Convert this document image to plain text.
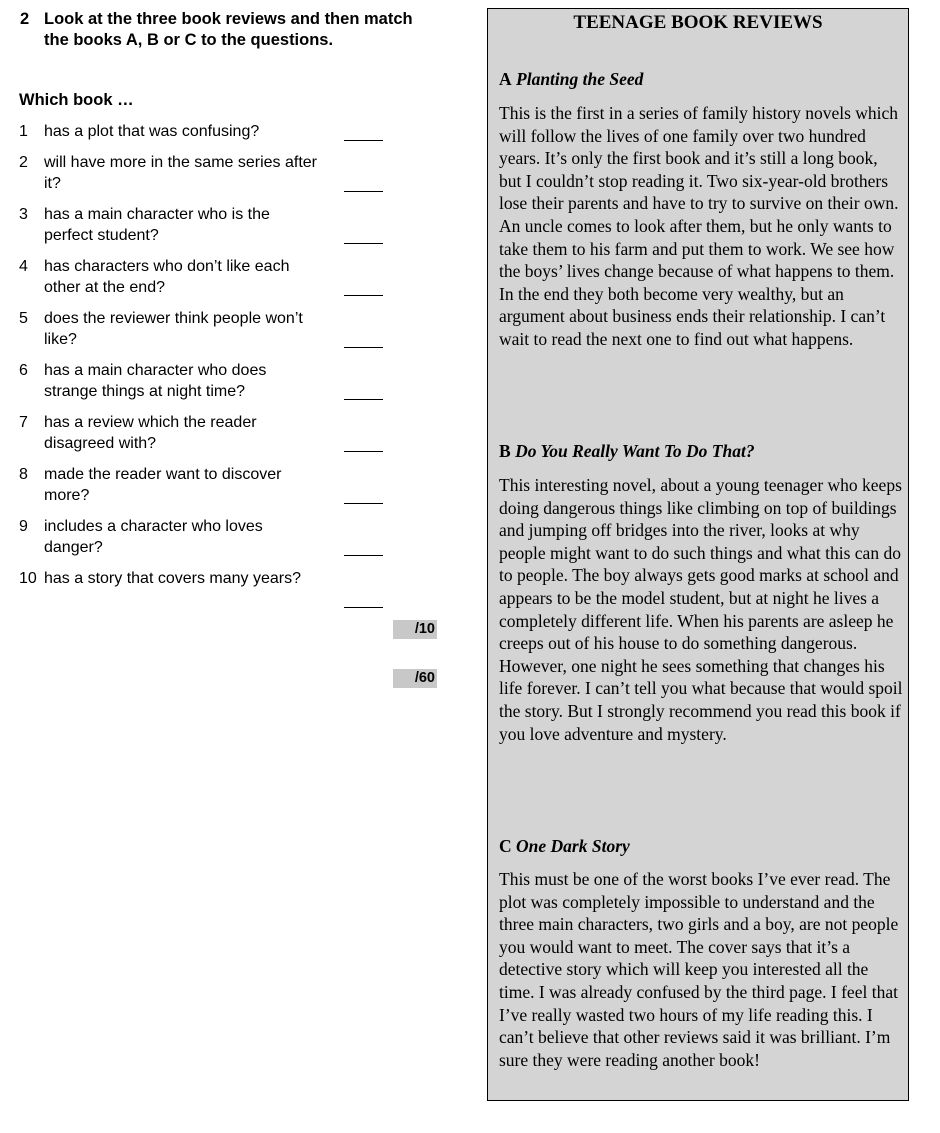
2 Look at the three book reviews and then match the books A, B or C to the questions.
Which book …
1 has a plot that was confusing?
2 will have more in the same series after it?
3 has a main character who is the perfect student?
4 has characters who don’t like each other at the end?
5 does the reviewer think people won’t like?
6 has a main character who does strange things at night time?
7 has a review which the reader disagreed with?
8 made the reader want to discover more?
9 includes a character who loves danger?
10 has a story that covers many years?
/10
/60
TEENAGE BOOK REVIEWS
A Planting the Seed
This is the first in a series of family history novels which will follow the lives of one family over two hundred years. It’s only the first book and it’s still a long book, but I couldn’t stop reading it. Two six-year-old brothers lose their parents and have to try to survive on their own. An uncle comes to look after them, but he only wants to take them to his farm and put them to work. We see how the boys’ lives change because of what happens to them. In the end they both become very wealthy, but an argument about business ends their relationship. I can’t wait to read the next one to find out what happens.
B Do You Really Want To Do That?
This interesting novel, about a young teenager who keeps doing dangerous things like climbing on top of buildings and jumping off bridges into the river, looks at why people might want to do such things and what this can do to people. The boy always gets good marks at school and appears to be the model student, but at night he lives a completely different life. When his parents are asleep he creeps out of his house to do something dangerous. However, one night he sees something that changes his life forever. I can’t tell you what because that would spoil the story. But I strongly recommend you read this book if you love adventure and mystery.
C One Dark Story
This must be one of the worst books I’ve ever read. The plot was completely impossible to understand and the three main characters, two girls and a boy, are not people you would want to meet. The cover says that it’s a detective story which will keep you interested all the time. I was already confused by the third page. I feel that I’ve really wasted two hours of my life reading this. I can’t believe that other reviews said it was brilliant. I’m sure they were reading another book!
